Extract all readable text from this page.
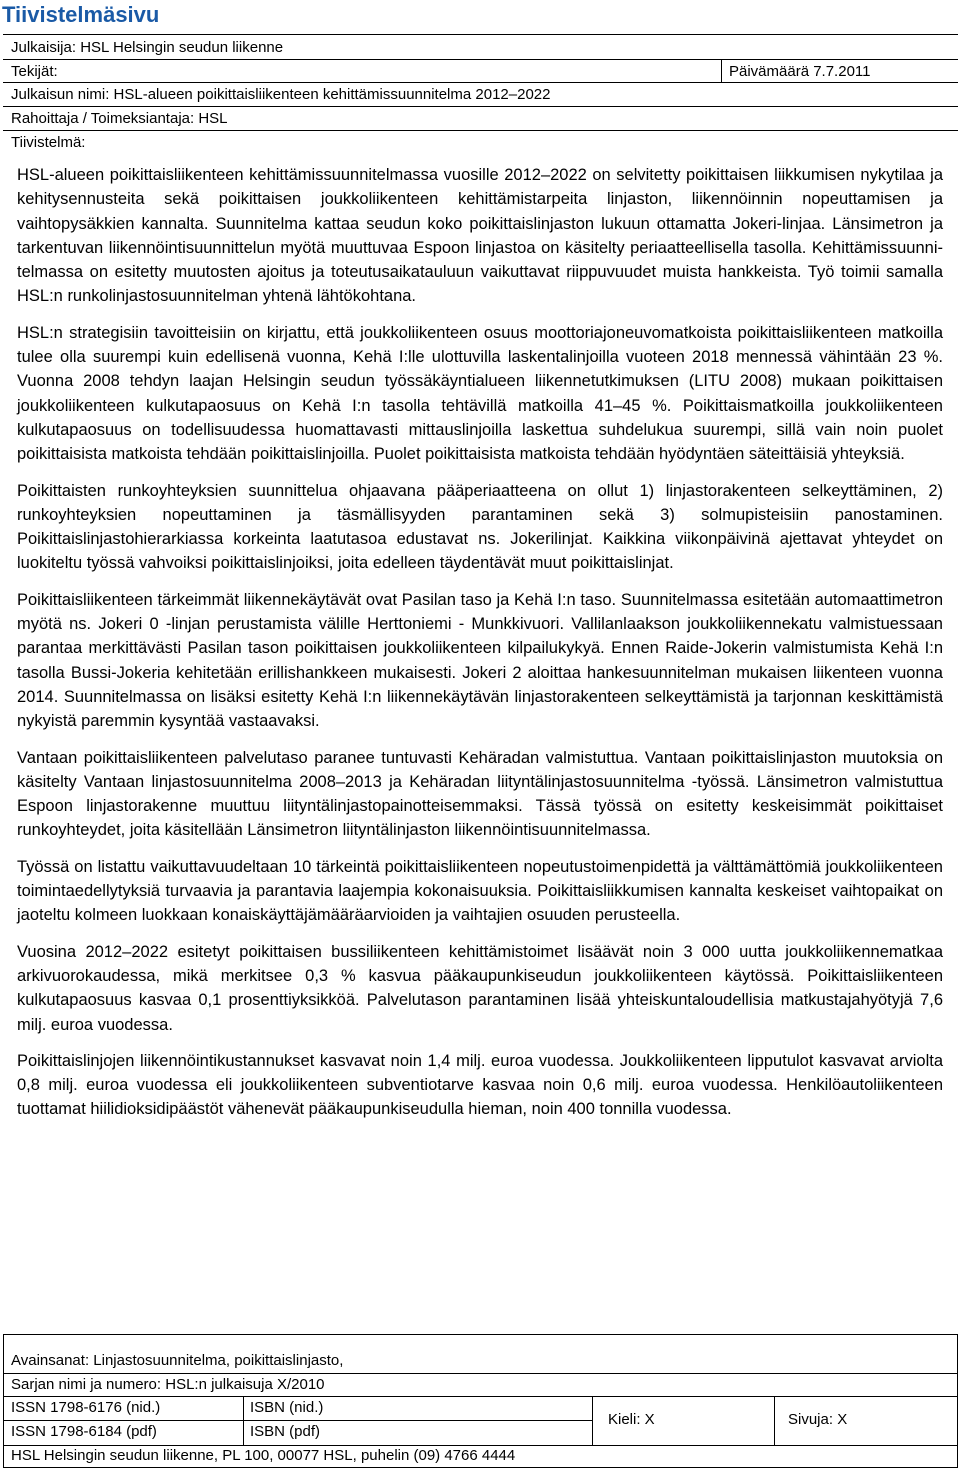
Tiivistelmäsivu
Julkaisija: HSL Helsingin seudun liikenne
Tekijät:	Päivämäärä 7.7.2011
Julkaisun nimi: HSL-alueen poikittaisliikenteen kehittämissuunnitelma 2012‒2022
Rahoittaja / Toimeksiantaja: HSL
Tiivistelmä:

HSL-alueen poikittaisliikenteen kehittämissuunnitelmassa vuosille 2012‒2022 on selvitetty poikittaisen liikkumisen nykytilaa ja kehitysennusteita sekä poikittaisen joukkoliikenteen kehittämistarpeita linjaston, liikennöinnin nopeuttamisen ja vaihtopysäkkien kannalta. Suunnitelma kattaa seudun koko poikittaislinjaston lukuun ottamatta Jokeri-linjaa. Länsimetron ja tarkentuvan liikennöintisuunnittelun myötä muuttuvaa Espoon linjastoa on käsitelty periaatteellisella tasolla. Kehittämissuunnitelmassa on esitetty muutosten ajoitus ja toteutusaikatauluun vaikuttavat riippuvuudet muista hankkeista. Työ toimii samalla HSL:n runkolinjastosuunnitelman yhtenä lähtökohtana.

HSL:n strategisiin tavoitteisiin on kirjattu, että joukkoliikenteen osuus moottoriajoneuvomatkoista poikittaisliikenteen matkoilla tulee olla suurempi kuin edellisenä vuonna, Kehä I:lle ulottuvilla laskentalinjoilla vuoteen 2018 mennessä vähintään 23 %. Vuonna 2008 tehdyn laajan Helsingin seudun työssäkäyntialueen liikennetutkimuksen (LITU 2008) mukaan poikittaisen joukkoliikenteen kulkutapaosuus on Kehä I:n tasolla tehtävillä matkoilla 41‒45 %. Poikittaismatkoilla joukkoliikenteen kulkutapaosuus on todellisuudessa huomattavasti mittauslinjoilla laskettua suhdelukua suurempi, sillä vain noin puolet poikittaisista matkoista tehdään poikittaislinjoilla. Puolet poikittaisista matkoista tehdään hyödyntäen säteittäisiä yhteyksiä.

Poikittaisten runkoyhteyksien suunnittelua ohjaavana pääperiaatteena on ollut 1) linjastorakenteen selkeyttäminen, 2) runkoyhteyksien nopeuttaminen ja täsmällisyyden parantaminen sekä 3) solmupisteisiin panostaminen. Poikittaislinjastohierarkiassa korkeinta laatutasoa edustavat ns. Jokerilinjat. Kaikkina viikonpäivinä ajettavat yhteydet on luokiteltu työssä vahvoiksi poikittaislinjoiksi, joita edelleen täydentävät muut poikittaislinjat.

Poikittaisliikenteen tärkeimmät liikennekäytävät ovat Pasilan taso ja Kehä I:n taso. Suunnitelmassa esitetään automaattimetron myötä ns. Jokeri 0 -linjan perustamista välille Herttoniemi - Munkkivuori. Vallilanlaakson joukkoliikennekatu valmistuessaan parantaa merkittävästi Pasilan tason poikittaisen joukkoliikenteen kilpailukykyä. Ennen Raide-Jokerin valmistumista Kehä I:n tasolla Bussi-Jokeria kehitetään erillishankkeen mukaisesti. Jokeri 2 aloittaa hankesuunnitelman mukaisen liikenteen vuonna 2014. Suunnitelmassa on lisäksi esitetty Kehä I:n liikennekäytävän linjastorakenteen selkeyttämistä ja tarjonnan keskittämistä nykyistä paremmin kysyntää vastaavaksi.

Vantaan poikittaisliikenteen palvelutaso paranee tuntuvasti Kehäradan valmistuttua. Vantaan poikittaislinjaston muutoksia on käsitelty Vantaan linjastosuunnitelma 2008‒2013 ja Kehäradan liityntälinjastosuunnitelma -työssä. Länsimetron valmistuttua Espoon linjastorakenne muuttuu liityntälinjastopainotteisemmaksi. Tässä työssä on esitetty keskeisimmät poikittaiset runkoyhteydet, joita käsitellään Länsimetron liityntälinjaston liikennöintisuunnitelmassa.

Työssä on listattu vaikuttavuudeltaan 10 tärkeintä poikittaisliikenteen nopeutustoimenpidettä ja välttämättömiä joukkoliikenteen toimintaedellytyksiä turvaavia ja parantavia laajempia kokonaisuuksia. Poikittaisliikkumisen kannalta keskeiset vaihtopaikat on jaoteltu kolmeen luokkaan konaiskäyttäjämääräarvioiden ja vaihtajien osuuden perusteella.

Vuosina 2012‒2022 esitetyt poikittaisen bussiliikenteen kehittämistoimet lisäävät noin 3 000 uutta joukkoliikennematkaa arkivuorokaudessa, mikä merkitsee 0,3 % kasvua pääkaupunkiseudun joukkoliikenteen käytössä. Poikittaisliikenteen kulkutapaosuus kasvaa 0,1 prosenttiyksikköä. Palvelutason parantaminen lisää yhteiskuntaloudellisia matkustajahyötyjä 7,6 milj. euroa vuodessa.

Poikittaislinjojen liikennöintikustannukset kasvavat noin 1,4 milj. euroa vuodessa. Joukkoliikenteen lipputulot kasvavat arviolta 0,8 milj. euroa vuodessa eli joukkoliikenteen subventiotarve kasvaa noin 0,6 milj. euroa vuodessa. Henkilöautoliikenteen tuottamat hiilidioksidipäästöt vähenevät pääkaupunkiseudulla hieman, noin 400 tonnilla vuodessa.

Avainsanat: Linjastosuunnitelma, poikittaislinjasto,
Sarjan nimi ja numero: HSL:n julkaisuja X/2010
ISSN 1798-6176 (nid.)	ISBN (nid.)
ISSN 1798-6184 (pdf)	ISBN (pdf)
Kieli: X	Sivuja: X
HSL Helsingin seudun liikenne, PL 100, 00077 HSL, puhelin (09) 4766 4444
